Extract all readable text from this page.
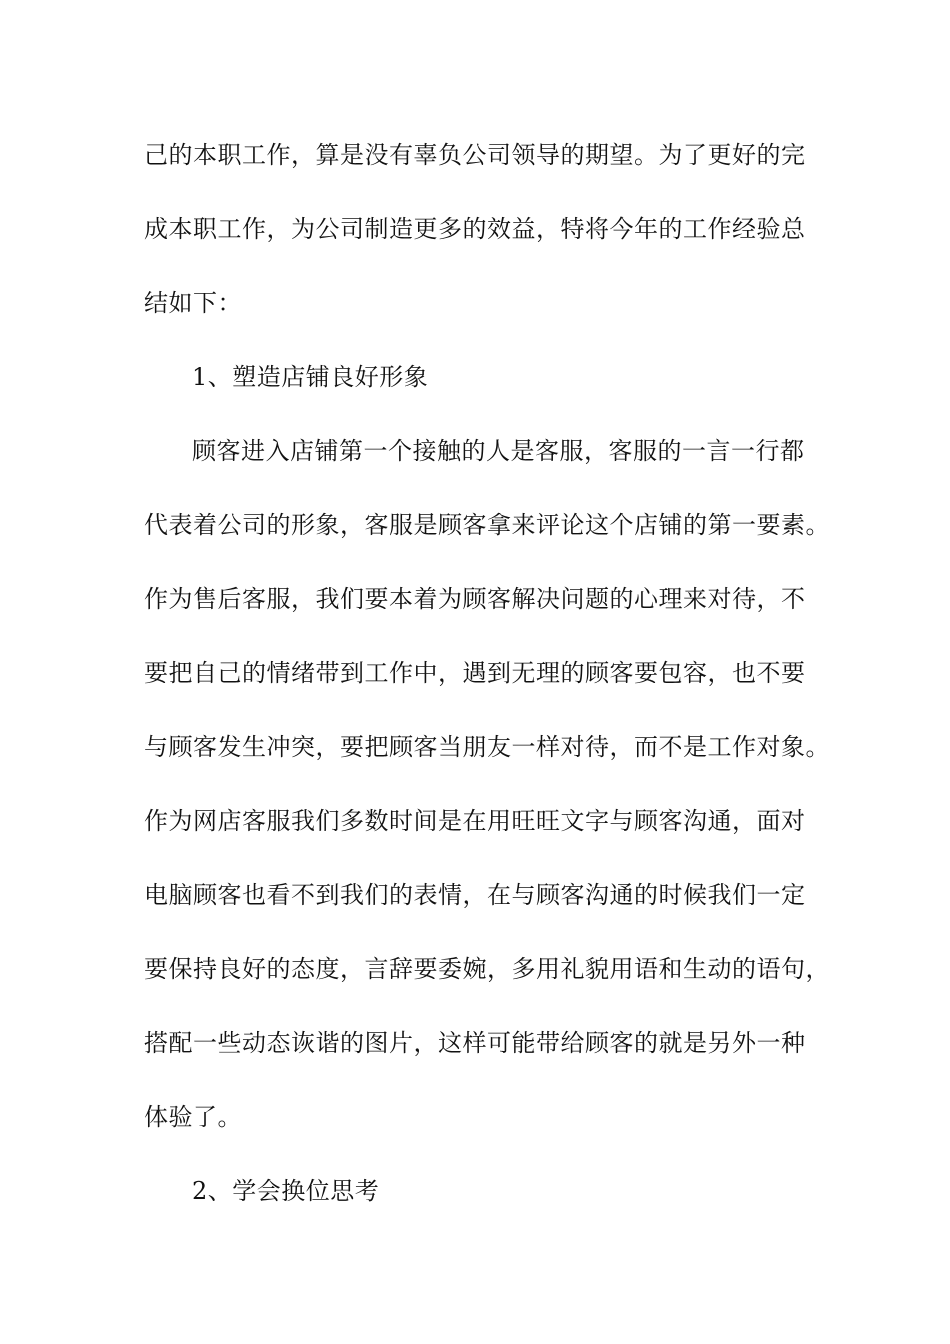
己的本职工作，算是没有辜负公司领导的期望。为了更好的完
成本职工作，为公司制造更多的效益，特将今年的工作经验总
结如下：
1、塑造店铺良好形象
顾客进入店铺第一个接触的人是客服，客服的一言一行都
代表着公司的形象，客服是顾客拿来评论这个店铺的第一要素。
作为售后客服，我们要本着为顾客解决问题的心理来对待，不
要把自己的情绪带到工作中，遇到无理的顾客要包容，也不要
与顾客发生冲突，要把顾客当朋友一样对待，而不是工作对象。
作为网店客服我们多数时间是在用旺旺文字与顾客沟通，面对
电脑顾客也看不到我们的表情，在与顾客沟通的时候我们一定
要保持良好的态度，言辞要委婉，多用礼貌用语和生动的语句，
搭配一些动态诙谐的图片，这样可能带给顾客的就是另外一种
体验了。
2、学会换位思考
